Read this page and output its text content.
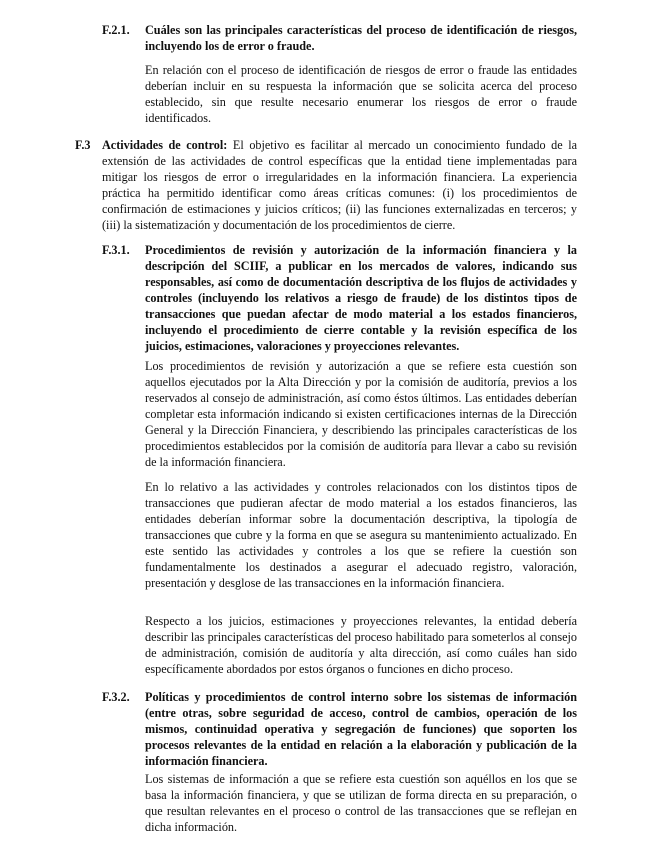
F.2.1. Cuáles son las principales características del proceso de identificación de riesgos, incluyendo los de error o fraude.

En relación con el proceso de identificación de riesgos de error o fraude las entidades deberían incluir en su respuesta la información que se solicita acerca del proceso establecido, sin que resulte necesario enumerar los riesgos de error o fraude identificados.

F.3 Actividades de control: El objetivo es facilitar al mercado un conocimiento fundado de la extensión de las actividades de control específicas que la entidad tiene implementadas para mitigar los riesgos de error o irregularidades en la información financiera. La experiencia práctica ha permitido identificar como áreas críticas comunes: (i) los procedimientos de confirmación de estimaciones y juicios críticos; (ii) las funciones externalizadas en terceros; y (iii) la sistematización y documentación de los procedimientos de cierre.

F.3.1. Procedimientos de revisión y autorización de la información financiera y la descripción del SCIIF, a publicar en los mercados de valores, indicando sus responsables, así como de documentación descriptiva de los flujos de actividades y controles (incluyendo los relativos a riesgo de fraude) de los distintos tipos de transacciones que puedan afectar de modo material a los estados financieros, incluyendo el procedimiento de cierre contable y la revisión específica de los juicios, estimaciones, valoraciones y proyecciones relevantes.

Los procedimientos de revisión y autorización a que se refiere esta cuestión son aquellos ejecutados por la Alta Dirección y por la comisión de auditoría, previos a los reservados al consejo de administración, así como éstos últimos. Las entidades deberían completar esta información indicando si existen certificaciones internas de la Dirección General y la Dirección Financiera, y describiendo las principales características de los procedimientos establecidos por la comisión de auditoría para llevar a cabo su revisión de la información financiera.

En lo relativo a las actividades y controles relacionados con los distintos tipos de transacciones que pudieran afectar de modo material a los estados financieros, las entidades deberían informar sobre la documentación descriptiva, la tipología de transacciones que cubre y la forma en que se asegura su mantenimiento actualizado. En este sentido las actividades y controles a los que se refiere la cuestión son fundamentalmente los destinados a asegurar el adecuado registro, valoración, presentación y desglose de las transacciones en la información financiera.

Respecto a los juicios, estimaciones y proyecciones relevantes, la entidad debería describir las principales características del proceso habilitado para someterlos al consejo de administración, comisión de auditoría y alta dirección, así como cuáles han sido específicamente abordados por estos órganos o funciones en dicho proceso.

F.3.2. Políticas y procedimientos de control interno sobre los sistemas de información (entre otras, sobre seguridad de acceso, control de cambios, operación de los mismos, continuidad operativa y segregación de funciones) que soporten los procesos relevantes de la entidad en relación a la elaboración y publicación de la información financiera.

Los sistemas de información a que se refiere esta cuestión son aquéllos en los que se basa la información financiera, y que se utilizan de forma directa en su preparación, o que resultan relevantes en el proceso o control de las transacciones que se reflejan en dicha información.
